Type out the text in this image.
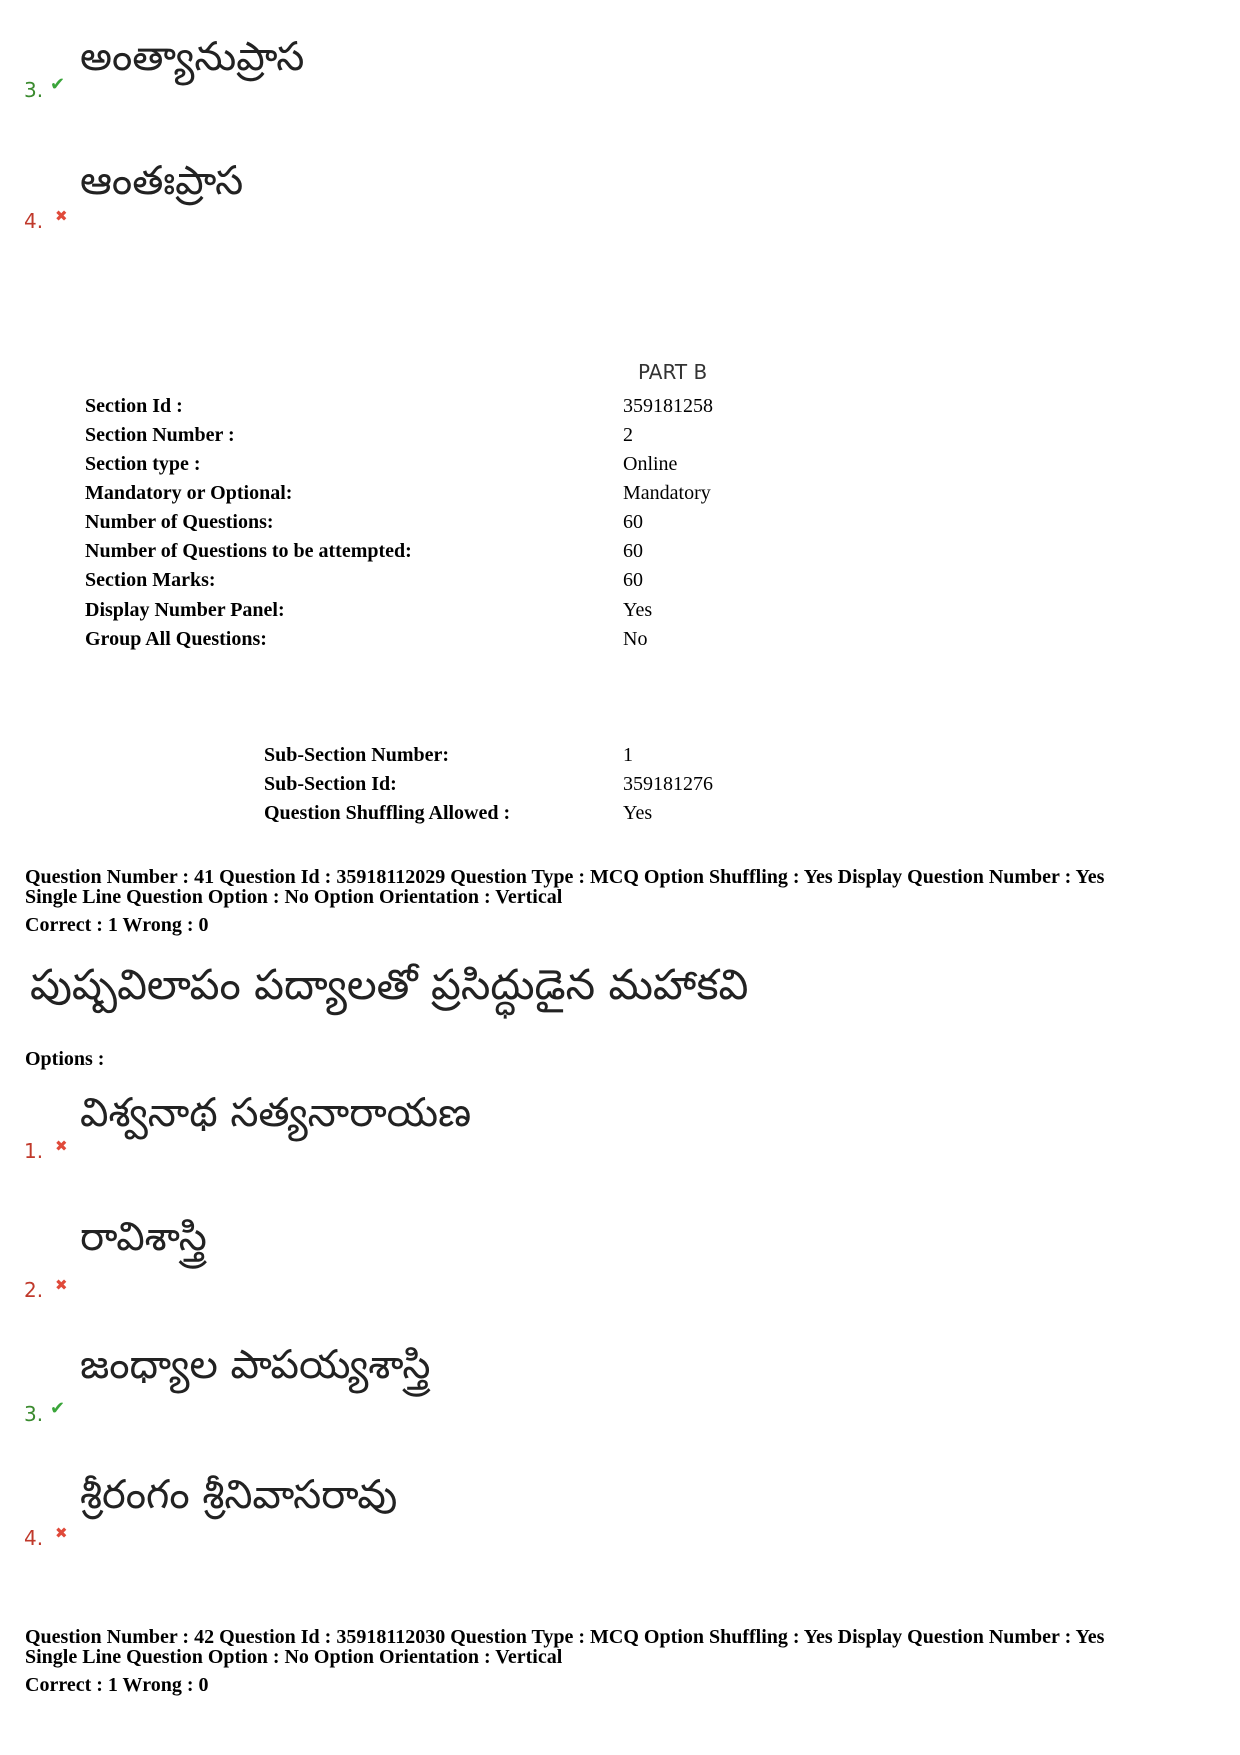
అంత్యానుప్రాస
3. ✔
ఆంతఃప్రాస
4. ✖
PART B
Section Id :	359181258
Section Number :	2
Section type :	Online
Mandatory or Optional:	Mandatory
Number of Questions:	60
Number of Questions to be attempted:	60
Section Marks:	60
Display Number Panel:	Yes
Group All Questions:	No
Sub-Section Number:	1
Sub-Section Id:	359181276
Question Shuffling Allowed :	Yes
Question Number : 41 Question Id : 35918112029 Question Type : MCQ Option Shuffling : Yes Display Question Number : Yes
Single Line Question Option : No Option Orientation : Vertical
Correct : 1 Wrong : 0
పుష్పవిలాపం పద్యాలతో ప్రసిద్ధుడైన మహాకవి
Options :
విశ్వనాథ సత్యనారాయణ
1. ✖
రావిశాస్త్రి
2. ✖
జంధ్యాల పాపయ్యశాస్త్రి
3. ✔
శ్రీరంగం శ్రీనివాసరావు
4. ✖
Question Number : 42 Question Id : 35918112030 Question Type : MCQ Option Shuffling : Yes Display Question Number : Yes
Single Line Question Option : No Option Orientation : Vertical
Correct : 1 Wrong : 0
